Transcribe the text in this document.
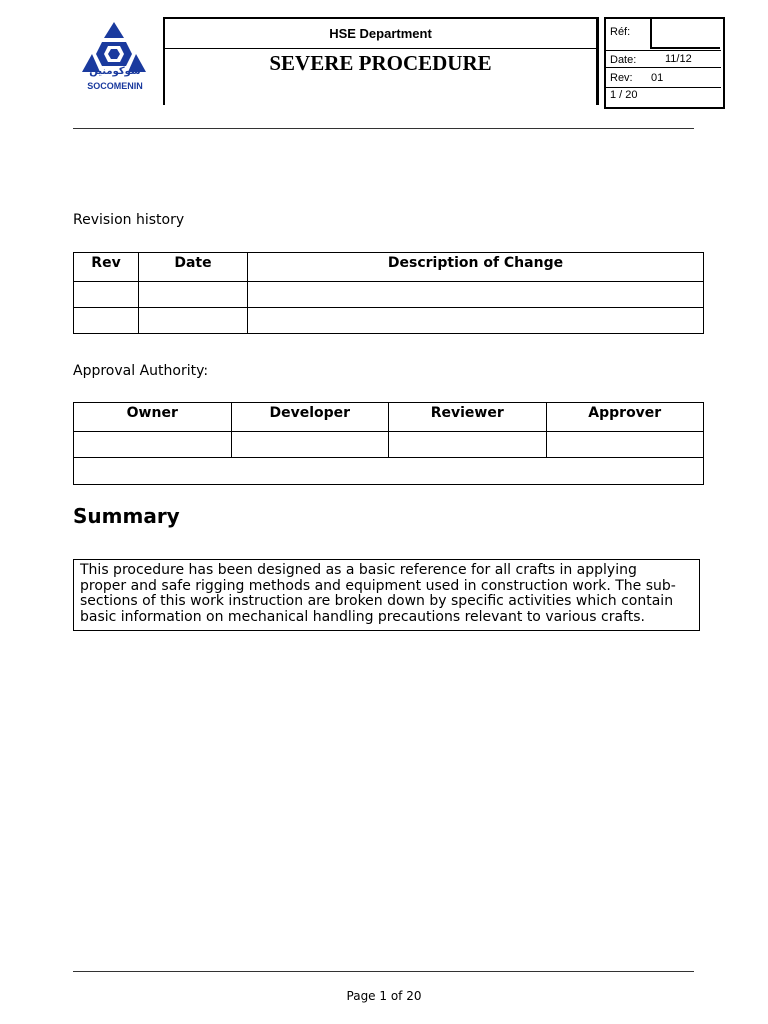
سوكومنين
SOCOMENIN
HSE Department
SEVERE PROCEDURE
Réf:
Date:	11/12
Rev: 01
1 / 20
Revision history
Rev	Date	Description of Change

Approval Authority:
Owner	Developer	Reviewer	Approver

Summary
This procedure has been designed as a basic reference for all crafts in applying
proper and safe rigging methods and equipment used in construction work. The sub-
sections of this work instruction are broken down by specific activities which contain
basic information on mechanical handling precautions relevant to various crafts.
Page 1 of 20
